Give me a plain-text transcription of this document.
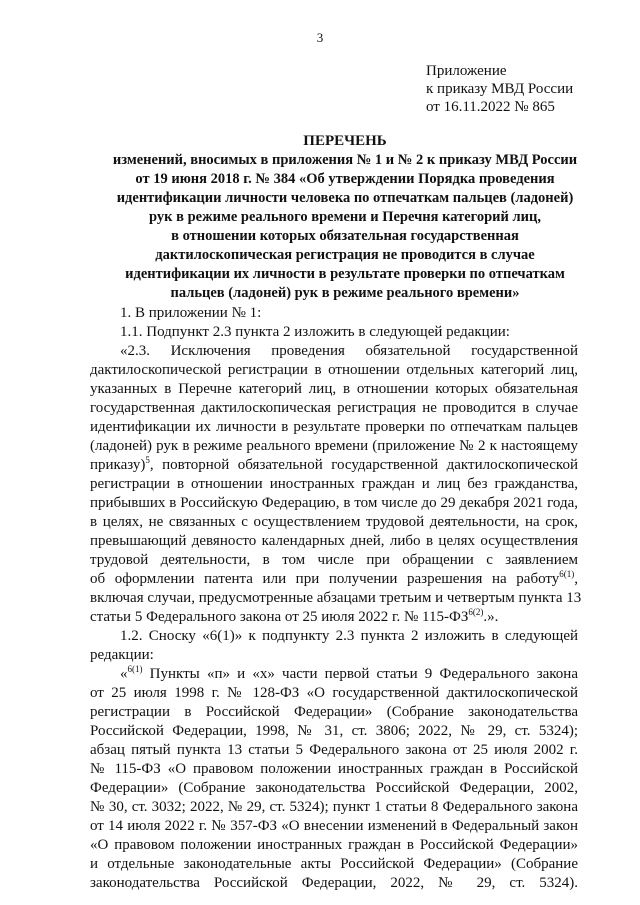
3
Приложение
к приказу МВД России
от 16.11.2022 № 865
ПЕРЕЧЕНЬ
изменений, вносимых в приложения № 1 и № 2 к приказу МВД России
от 19 июня 2018 г. № 384 «Об утверждении Порядка проведения
идентификации личности человека по отпечаткам пальцев (ладоней)
рук в режиме реального времени и Перечня категорий лиц,
в отношении которых обязательная государственная
дактилоскопическая регистрация не проводится в случае
идентификации их личности в результате проверки по отпечаткам
пальцев (ладоней) рук в режиме реального времени»
1. В приложении № 1:
1.1. Подпункт 2.3 пункта 2 изложить в следующей редакции:
«2.3. Исключения проведения обязательной государственной
дактилоскопической регистрации в отношении отдельных категорий лиц,
указанных в Перечне категорий лиц, в отношении которых обязательная
государственная дактилоскопическая регистрация не проводится в случае
идентификации их личности в результате проверки по отпечаткам пальцев
(ладоней) рук в режиме реального времени (приложение № 2 к настоящему
приказу)$^5$, повторной обязательной государственной дактилоскопической
регистрации в отношении иностранных граждан и лиц без гражданства,
прибывших в Российскую Федерацию, в том числе до 29 декабря 2021 года,
в целях, не связанных с осуществлением трудовой деятельности, на срок,
превышающий девяносто календарных дней, либо в целях осуществления
трудовой деятельности, в том числе при обращении с заявлением
об оформлении патента или при получении разрешения на работу$^{6(1)}$,
включая случаи, предусмотренные абзацами третьим и четвертым пункта 13
статьи 5 Федерального закона от 25 июля 2022 г. № $115-ФЗ^{6(2)}$.».
1.2. Сноску «6(1)» к подпункту 2.3 пункта 2 изложить в следующей
редакции:
«$^{6(1)}$ Пункты «п» и «х» части первой статьи 9 Федерального закона
от 25 июля 1998 г. № 128-ФЗ «О государственной дактилоскопической
регистрации в Российской Федерации» (Собрание законодательства
Российской Федерации, 1998, № 31, ст. 3806; 2022, № 29, ст. 5324);
абзац пятый пункта 13 статьи 5 Федерального закона от 25 июля 2002 г.
№ 115-ФЗ «О правовом положении иностранных граждан в Российской
Федерации» (Собрание законодательства Российской Федерации, 2002,
№ 30, ст. 3032; 2022, № 29, ст. 5324); пункт 1 статьи 8 Федерального закона
от 14 июля 2022 г. № 357-ФЗ «О внесении изменений в Федеральный закон
«О правовом положении иностранных граждан в Российской Федерации»
и отдельные законодательные акты Российской Федерации» (Собрание
законодательства Российской Федерации, 2022, № 29, ст. 5324).
